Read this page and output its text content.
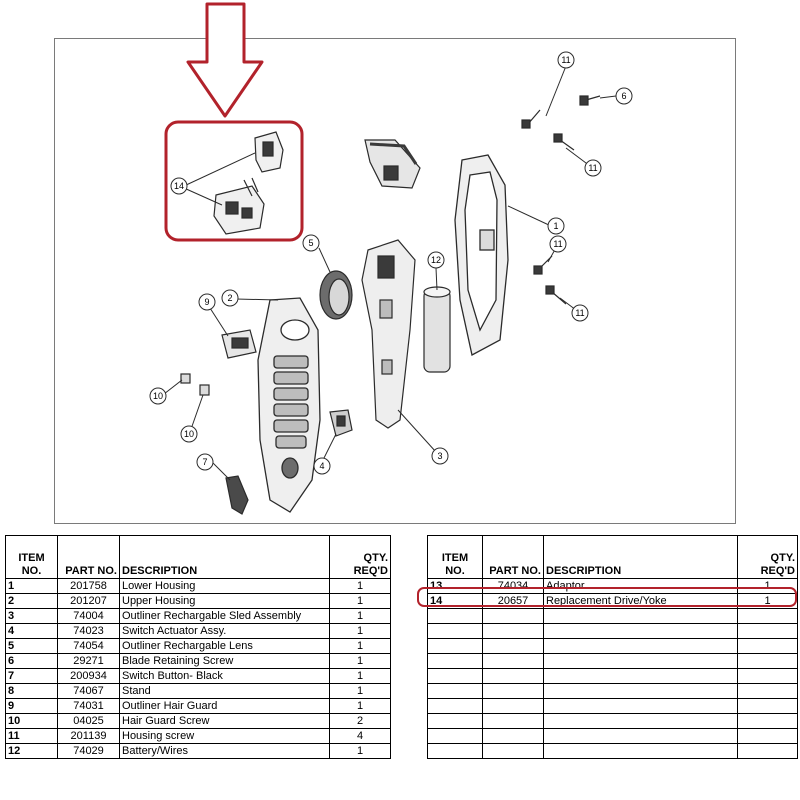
14
11
6
11
1
11
11
12
5
9 2
10
10
4
3
7
ITEM
NO.	PART NO.	DESCRIPTION	QTY.
REQ'D
1	201758	Lower Housing	1
2	201207	Upper Housing	1
3	74004	Outliner Rechargable Sled Assembly	1
4	74023	Switch Actuator Assy.	1
5	74054	Outliner Rechargable Lens	1
6	29271	Blade Retaining Screw	1
7	200934	Switch Button- Black	1
8	74067	Stand	1
9	74031	Outliner Hair Guard	1
10	04025	Hair Guard Screw	2
11	201139	Housing screw	4
12	74029	Battery/Wires	1
ITEM
NO.	PART NO.	DESCRIPTION	QTY.
REQ'D
13	74034	Adaptor	1
14	20657	Replacement Drive/Yoke	1
